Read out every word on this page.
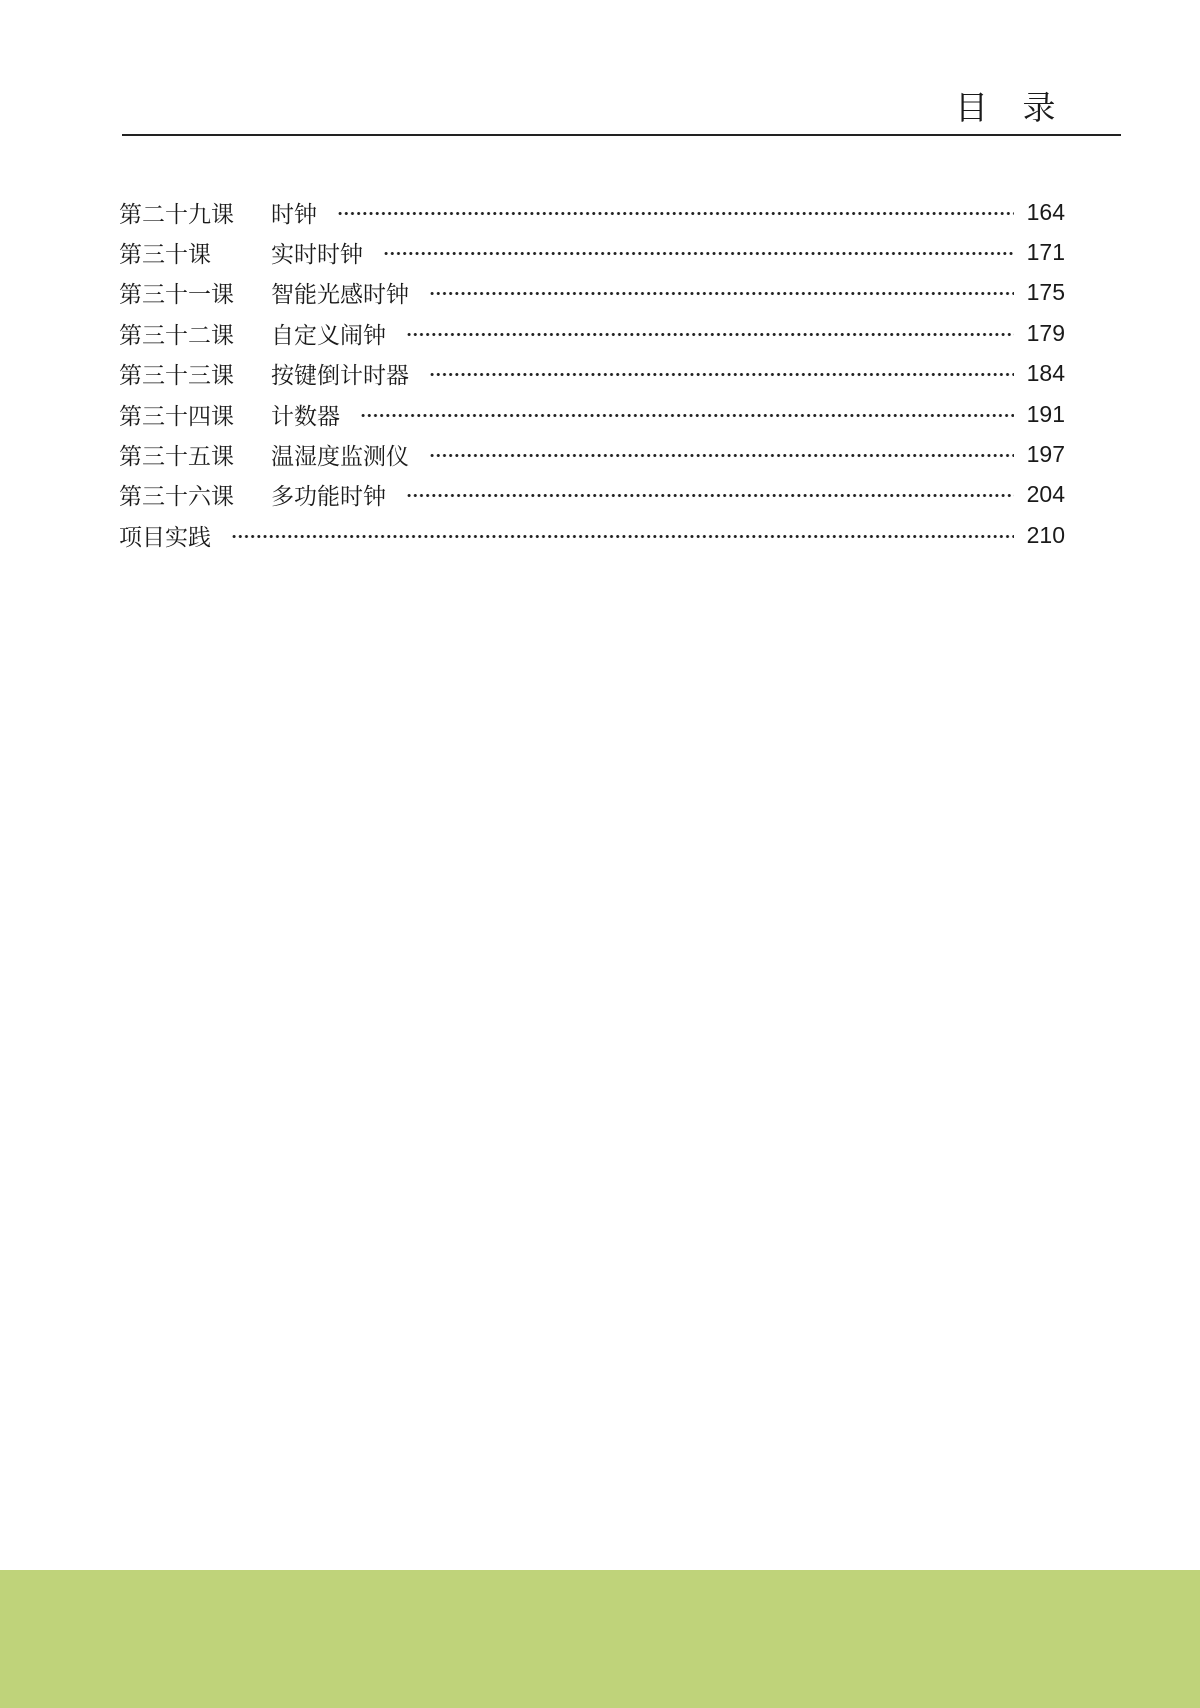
目 录
第二十九课 时钟	164
第三十课	实时时钟	171
第三十一课 智能光感时钟	175
第三十二课 自定义闹钟	179
第三十三课 按键倒计时器	184
第三十四课 计数器	191
第三十五课 温湿度监测仪	197
第三十六课 多功能时钟	204
项目实践	210
